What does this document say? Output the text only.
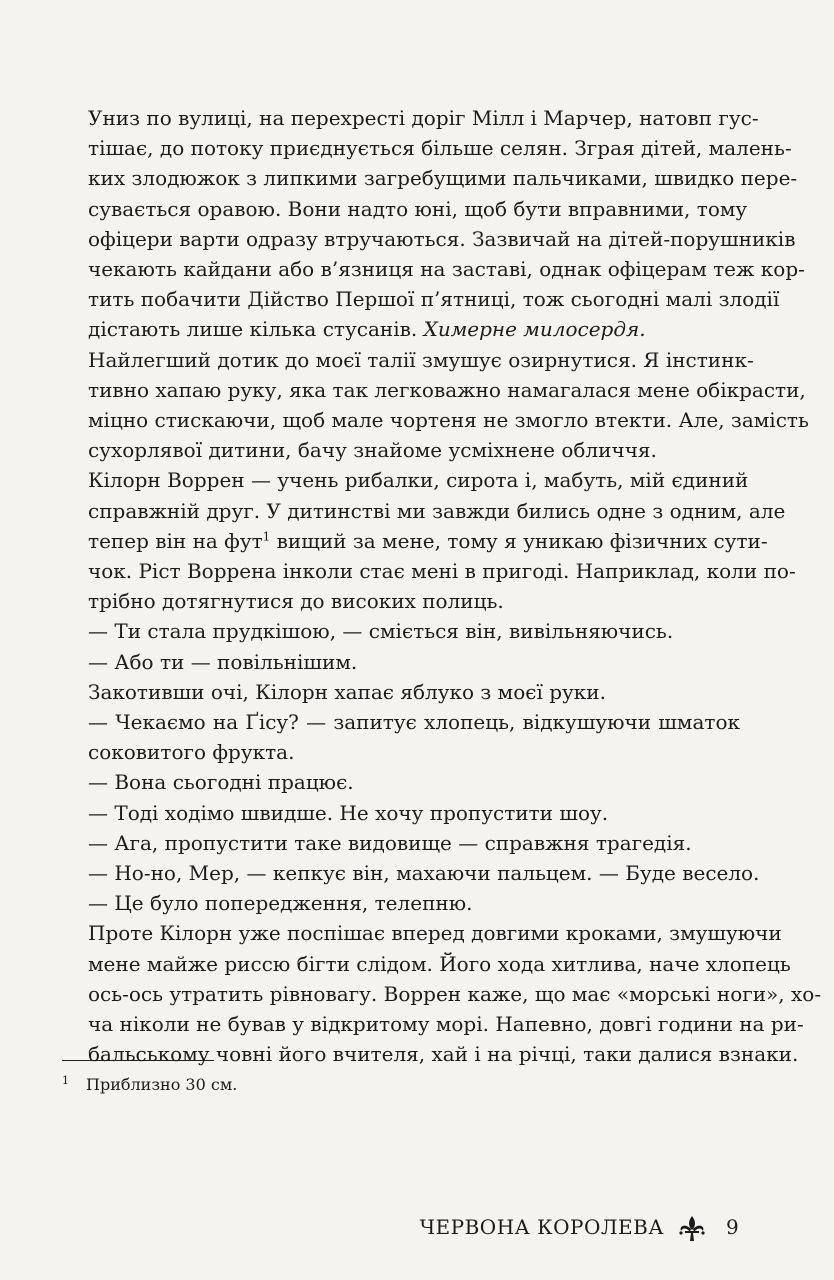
Униз по вулиці, на перехресті доріг Мілл і Марчер, натовп гус-
тішає, до потоку приєднується більше селян. Зграя дітей, малень-
ких злодюжок з липкими загребущими пальчиками, швидко пере-
сувається оравою. Вони надто юні, щоб бути вправними, тому
офіцери варти одразу втручаються. Зазвичай на дітей-порушників
чекають кайдани або в’язниця на заставі, однак офіцерам теж кор-
тить побачити Дійство Першої п’ятниці, тож сьогодні малі злодії
дістають лише кілька стусанів. Химерне милосердя.
Найлегший дотик до моєї талії змушує озирнутися. Я інстинк-
тивно хапаю руку, яка так легковажно намагалася мене обікрасти,
міцно стискаючи, щоб мале чортеня не змогло втекти. Але, замість
сухорлявої дитини, бачу знайоме усміхнене обличчя.
Кілорн Воррен — учень рибалки, сирота і, мабуть, мій єдиний
справжній друг. У дитинстві ми завжди бились одне з одним, але
тепер він на фут$^1$ вищий за мене, тому я уникаю фізичних сути-
чок. Ріст Воррена інколи стає мені в пригоді. Наприклад, коли по-
трібно дотягнутися до високих полиць.
— Ти стала прудкішою, — сміється він, вивільняючись.
— Або ти — повільнішим.
Закотивши очі, Кілорн хапає яблуко з моєї руки.
— Чекаємо на Ґісу? — запитує хлопець, відкушуючи шматок
соковитого фрукта.
— Вона сьогодні працює.
— Тоді ходімо швидше. Не хочу пропустити шоу.
— Ага, пропустити таке видовище — справжня трагедія.
— Но-но, Мер, — кепкує він, махаючи пальцем. — Буде весело.
— Це було попередження, телепню.
1 Приблизно 30 см.
ЧЕРВОНА КОРОЛЕВА	9
Проте Кілорн уже поспішає вперед довгими кроками, змушуючи
мене майже риссю бігти слідом. Його хода хитлива, наче хлопець
ось-ось утратить рівновагу. Воррен каже, що має «морські ноги», хо-
ча ніколи не бував у відкритому морі. Напевно, довгі години на ри-
бальському човні його вчителя, хай і на річці, таки далися взнаки.
